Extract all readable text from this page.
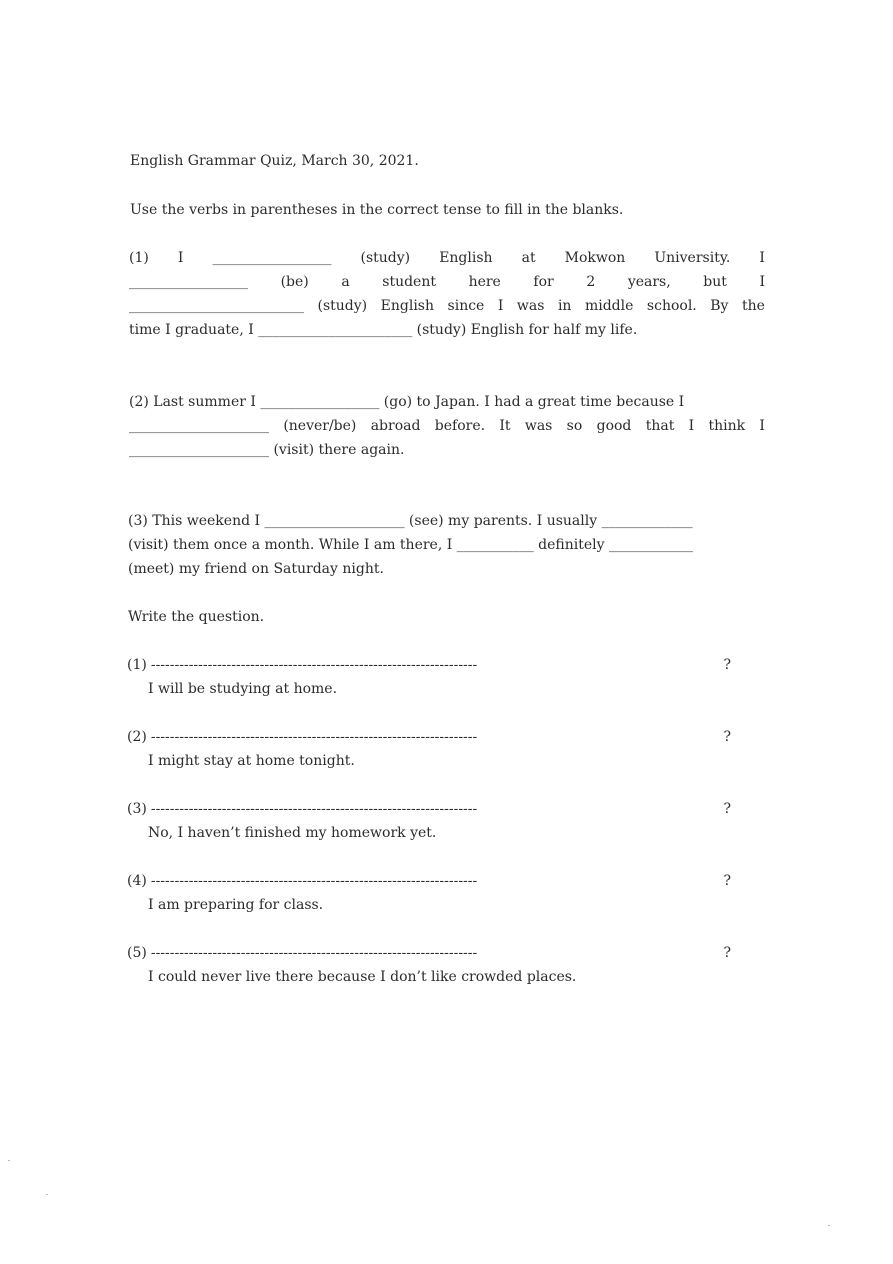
English Grammar Quiz, March 30, 2021.
Use the verbs in parentheses in the correct tense to fill in the blanks.
(1) I _________________ (study) English at Mokwon University. I
_________________ (be) a student here for 2 years, but I
_________________________ (study) English since I was in middle school. By the
time I graduate, I ______________________ (study) English for half my life.
(2) Last summer I _________________ (go) to Japan. I had a great time because I
____________________ (never/be) abroad before. It was so good that I think I
____________________ (visit) there again.
(3) This weekend I ____________________ (see) my parents. I usually _____________
(visit) them once a month. While I am there, I ___________ definitely ____________
(meet) my friend on Saturday night.
Write the question.
(1) ---------------------------------------------------------------------	?
I will be studying at home.
(2) ---------------------------------------------------------------------	?
I might stay at home tonight.
(3) ---------------------------------------------------------------------	?
No, I haven’t finished my homework yet.
(4) ---------------------------------------------------------------------	?
I am preparing for class.
(5) ---------------------------------------------------------------------	?
I could never live there because I don’t like crowded places.
